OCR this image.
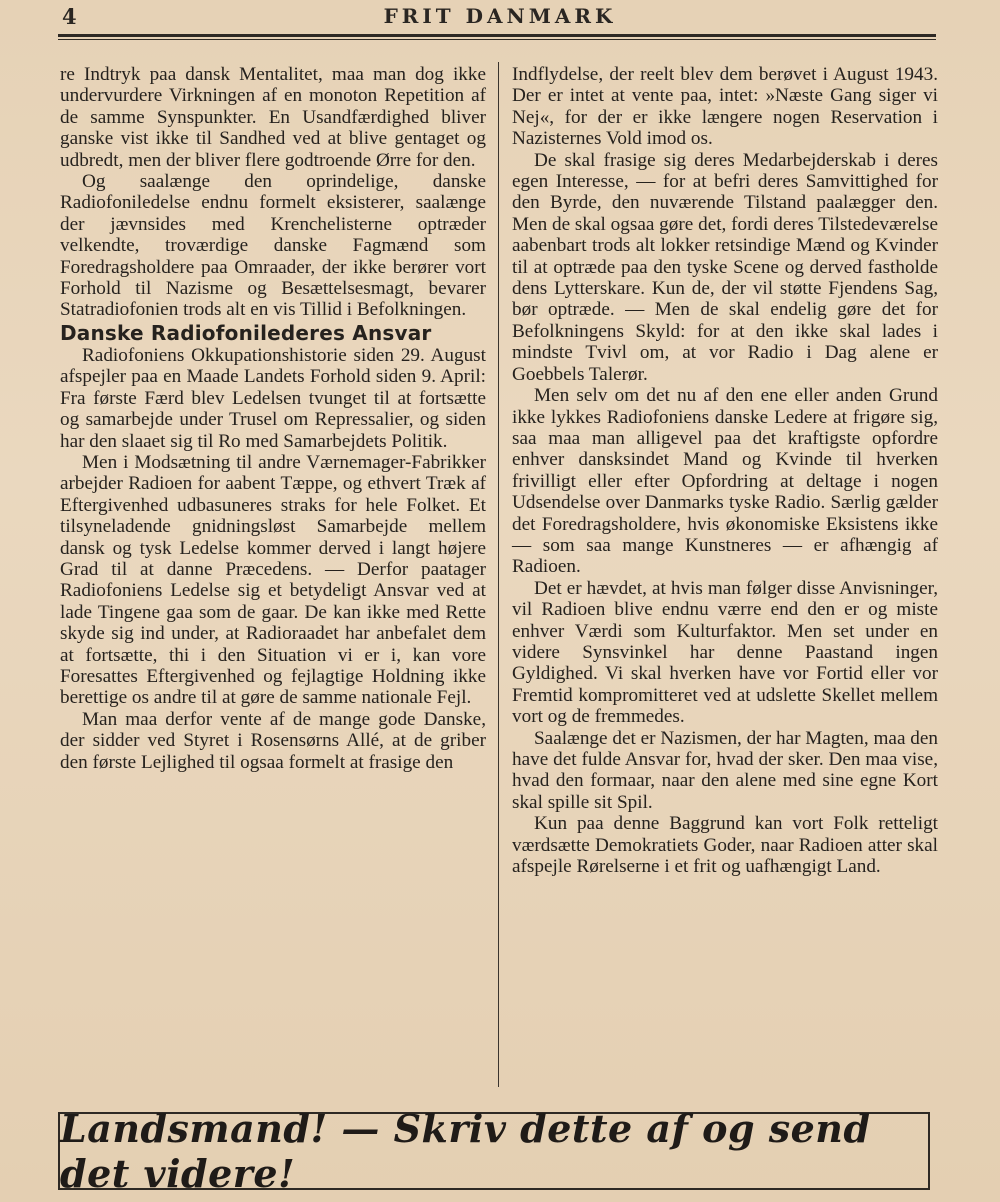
4	FRIT DANMARK

re Indtryk paa dansk Mentalitet, maa man dog ikke undervurdere Virkningen af en monoton Repetition af de samme Synspunkter. En Usandfærdighed bliver ganske vist ikke til Sandhed ved at blive gentaget og udbredt, men der bliver flere godtroende Ørre for den.

Og saalænge den oprindelige, danske Radiofoniledelse endnu formelt eksisterer, saalænge der jævnsides med Krenchelisterne optræder velkendte, troværdige danske Fagmænd som Foredragsholdere paa Omraader, der ikke berører vort Forhold til Nazisme og Besættelsesmagt, bevarer Statradiofonien trods alt en vis Tillid i Befolkningen.

Danske Radiofonilederes Ansvar

Radiofoniens Okkupationshistorie siden 29. August afspejler paa en Maade Landets Forhold siden 9. April: Fra første Færd blev Ledelsen tvunget til at fortsætte og samarbejde under Trusel om Repressalier, og siden har den slaaet sig til Ro med Samarbejdets Politik.

Men i Modsætning til andre Værnemager-Fabrikker arbejder Radioen for aabent Tæppe, og ethvert Træk af Eftergivenhed udbasuneres straks for hele Folket. Et tilsyneladende gnidningsløst Samarbejde mellem dansk og tysk Ledelse kommer derved i langt højere Grad til at danne Præcedens. — Derfor paatager Radiofoniens Ledelse sig et betydeligt Ansvar ved at lade Tingene gaa som de gaar. De kan ikke med Rette skyde sig ind under, at Radioraadet har anbefalet dem at fortsætte, thi i den Situation vi er i, kan vore Foresattes Eftergivenhed og fejlagtige Holdning ikke berettige os andre til at gøre de samme nationale Fejl.

Man maa derfor vente af de mange gode Danske, der sidder ved Styret i Rosensørns Allé, at de griber den første Lejlighed til ogsaa formelt at frasige den

Indflydelse, der reelt blev dem berøvet i August 1943. Der er intet at vente paa, intet: »Næste Gang siger vi Nej«, for der er ikke længere nogen Reservation i Nazisternes Vold imod os.

De skal frasige sig deres Medarbejderskab i deres egen Interesse, — for at befri deres Samvittighed for den Byrde, den nuværende Tilstand paalægger den. Men de skal ogsaa gøre det, fordi deres Tilstedeværelse aabenbart trods alt lokker retsindige Mænd og Kvinder til at optræde paa den tyske Scene og derved fastholde dens Lytterskare. Kun de, der vil støtte Fjendens Sag, bør optræde. — Men de skal endelig gøre det for Befolkningens Skyld: for at den ikke skal lades i mindste Tvivl om, at vor Radio i Dag alene er Goebbels Talerør.

Men selv om det nu af den ene eller anden Grund ikke lykkes Radiofoniens danske Ledere at frigøre sig, saa maa man alligevel paa det kraftigste opfordre enhver dansksindet Mand og Kvinde til hverken frivilligt eller efter Opfordring at deltage i nogen Udsendelse over Danmarks tyske Radio. Særlig gælder det Foredragsholdere, hvis økonomiske Eksistens ikke — som saa mange Kunstneres — er afhængig af Radioen.

Det er hævdet, at hvis man følger disse Anvisninger, vil Radioen blive endnu værre end den er og miste enhver Værdi som Kulturfaktor. Men set under en videre Synsvinkel har denne Paastand ingen Gyldighed. Vi skal hverken have vor Fortid eller vor Fremtid kompromitteret ved at udslette Skellet mellem vort og de fremmedes.

Saalænge det er Nazismen, der har Magten, maa den have det fulde Ansvar for, hvad der sker. Den maa vise, hvad den formaar, naar den alene med sine egne Kort skal spille sit Spil.

Kun paa denne Baggrund kan vort Folk retteligt værdsætte Demokratiets Goder, naar Radioen atter skal afspejle Rørelserne i et frit og uafhængigt Land.

Landsmand! — Skriv dette af og send det videre!
